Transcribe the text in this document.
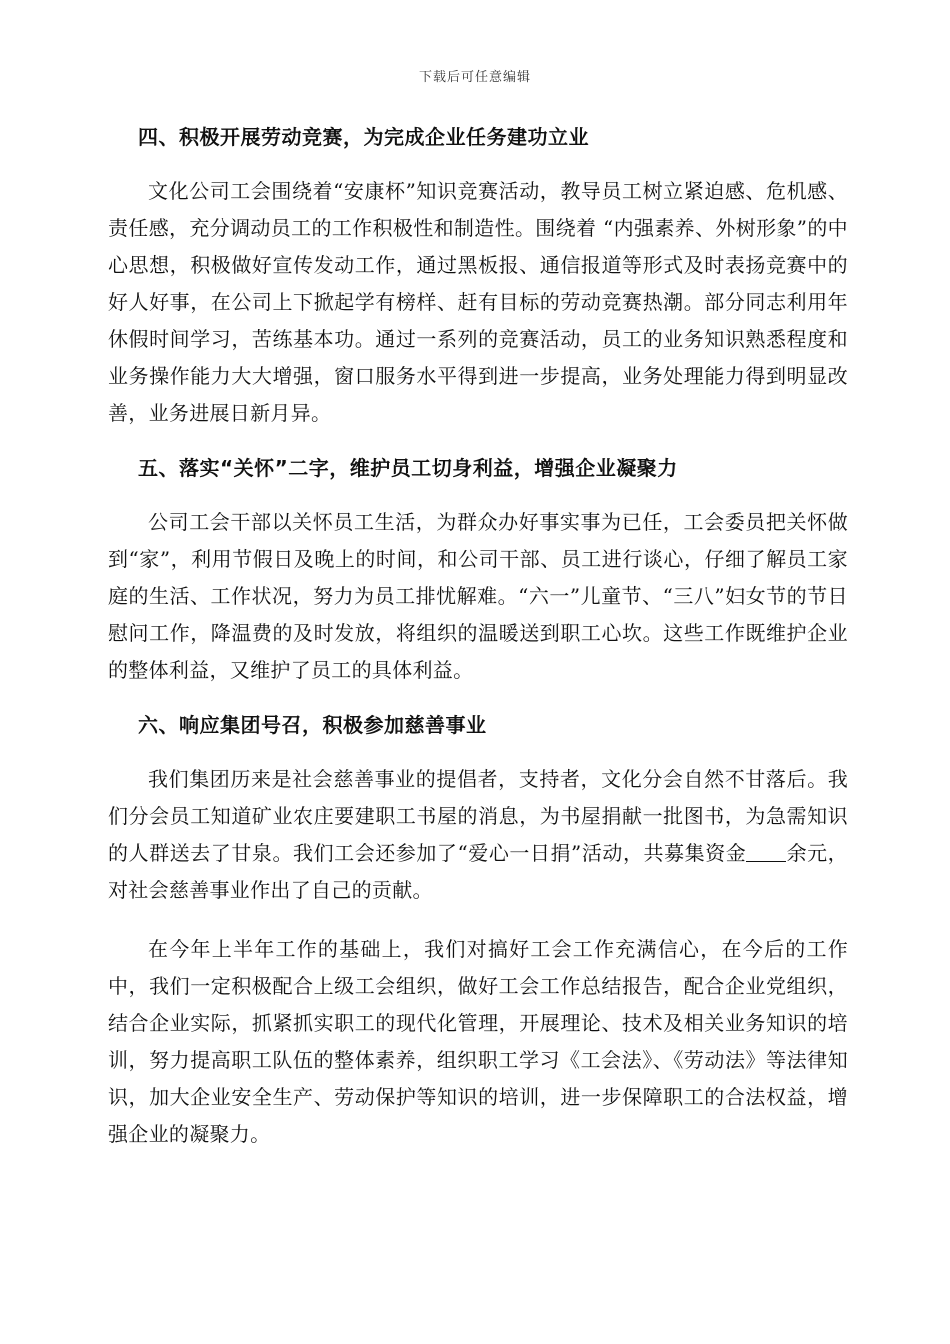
下载后可任意编辑
四、积极开展劳动竞赛，为完成企业任务建功立业

文化公司工会围绕着“安康杯”知识竞赛活动，教导员工树立紧迫感、危机感、责任感，充分调动员工的工作积极性和制造性。围绕着 “内强素养、外树形象”的中心思想，积极做好宣传发动工作，通过黑板报、通信报道等形式及时表扬竞赛中的好人好事，在公司上下掀起学有榜样、赶有目标的劳动竞赛热潮。部分同志利用年休假时间学习，苦练基本功。通过一系列的竞赛活动，员工的业务知识熟悉程度和业务操作能力大大增强，窗口服务水平得到进一步提高，业务处理能力得到明显改善，业务进展日新月异。

五、落实“关怀”二字，维护员工切身利益，增强企业凝聚力

公司工会干部以关怀员工生活，为群众办好事实事为已任，工会委员把关怀做到“家”，利用节假日及晚上的时间，和公司干部、员工进行谈心，仔细了解员工家庭的生活、工作状况，努力为员工排忧解难。“六一”儿童节、“三八”妇女节的节日慰问工作，降温费的及时发放，将组织的温暖送到职工心坎。这些工作既维护企业的整体利益，又维护了员工的具体利益。

六、响应集团号召，积极参加慈善事业

我们集团历来是社会慈善事业的提倡者，支持者，文化分会自然不甘落后。我们分会员工知道矿业农庄要建职工书屋的消息，为书屋捐献一批图书，为急需知识的人群送去了甘泉。我们工会还参加了“爱心一日捐”活动，共募集资金 余元，对社会慈善事业作出了自己的贡献。

在今年上半年工作的基础上，我们对搞好工会工作充满信心，在今后的工作中，我们一定积极配合上级工会组织，做好工会工作总结报告，配合企业党组织，结合企业实际，抓紧抓实职工的现代化管理，开展理论、技术及相关业务知识的培训，努力提高职工队伍的整体素养，组织职工学习《工会法》、《劳动法》等法律知识，加大企业安全生产、劳动保护等知识的培训，进一步保障职工的合法权益，增强企业的凝聚力。
